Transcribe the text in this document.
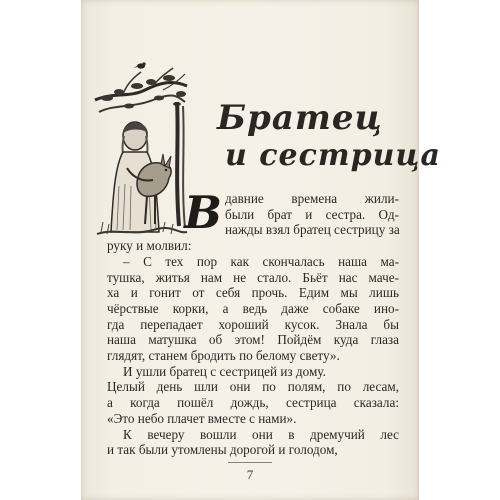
Братец
и сестрица
В
7
давние времена жили-
были брат и сестра. Од-
нажды взял братец сестрицу за
руку и молвил:
– С тех пор как скончалась наша ма-
тушка, житья нам не стало. Бьёт нас маче-
ха и гонит от себя прочь. Едим мы лишь
чёрствые корки, а ведь даже собаке ино-
гда перепадает хороший кусок. Знала бы
наша матушка об этом! Пойдём куда глаза
глядят, станем бродить по белому свету».
И ушли братец с сестрицей из дому.
Целый день шли они по полям, по лесам,
а когда пошёл дождь, сестрица сказала:
«Это небо плачет вместе с нами».
К вечеру вошли они в дремучий лес
и так были утомлены дорогой и голодом,
